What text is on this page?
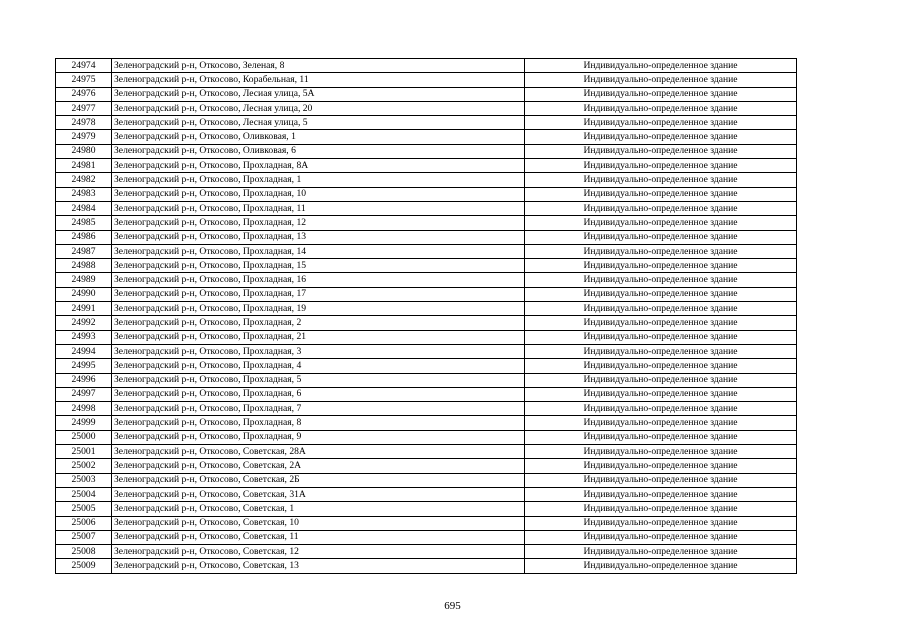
24974	Зеленоградский р-н, Откосово, Зеленая, 8	Индивидуально-определенное здание
24975	Зеленоградский р-н, Откосово, Корабельная, 11	Индивидуально-определенное здание
24976	Зеленоградский р-н, Откосово, Лесиая улица, 5А	Индивидуально-определенное здание
24977	Зеленоградский р-н, Откосово, Лесная улица, 20	Индивидуально-определенное здание
24978	Зеленоградский р-н, Откосово, Лесная улица, 5	Индивидуально-определенное здание
24979	Зеленоградский р-н, Откосово, Оливковая, 1	Индивидуально-определенное здание
24980	Зеленоградский р-н, Откосово, Оливковая, 6	Индивидуально-определенное здание
24981	Зеленоградский р-н, Откосово, Прохладная, 8А	Индивидуально-определенное здание
24982	Зеленоградский р-н, Откосово, Прохладная, 1	Индивидуально-определенное здание
24983	Зеленоградский р-н, Откосово, Прохладная, 10	Индивидуально-определенное здание
24984	Зеленоградский р-н, Откосово, Прохладная, 11	Индивидуально-определенное здание
24985	Зеленоградский р-н, Откосово, Прохладная, 12	Индивидуально-определенное здание
24986	Зеленоградский р-н, Откосово, Прохладная, 13	Индивидуально-определенное здание
24987	Зеленоградский р-н, Откосово, Прохладная, 14	Индивидуально-определенное здание
24988	Зеленоградский р-н, Откосово, Прохладная, 15	Индивидуально-определенное здание
24989	Зеленоградский р-н, Откосово, Прохладная, 16	Индивидуально-определенное здание
24990	Зеленоградский р-н, Откосово, Прохладная, 17	Индивидуально-определенное здание
24991	Зеленоградский р-н, Откосово, Прохладная, 19	Индивидуально-определенное здание
24992	Зеленоградский р-н, Откосово, Прохладная, 2	Индивидуально-определенное здание
24993	Зеленоградский р-н, Откосово, Прохладная, 21	Индивидуально-определенное здание
24994	Зеленоградский р-н, Откосово, Прохладная, 3	Индивидуально-определенное здание
24995	Зеленоградский р-н, Откосово, Прохладная, 4	Индивидуально-определенное здание
24996	Зеленоградский р-н, Откосово, Прохладная, 5	Индивидуально-определенное здание
24997	Зеленоградский р-н, Откосово, Прохладная, 6	Индивидуально-определенное здание
24998	Зеленоградский р-н, Откосово, Прохладная, 7	Индивидуально-определенное здание
24999	Зеленоградский р-н, Откосово, Прохладная, 8	Индивидуально-определенное здание
25000	Зеленоградский р-н, Откосово, Прохладная, 9	Индивидуально-определенное здание
25001	Зеленоградский р-н, Откосово, Советская, 28А	Индивидуально-определенное здание
25002	Зеленоградский р-н, Откосово, Советская, 2А	Индивидуально-определенное здание
25003	Зеленоградский р-н, Откосово, Советская, 2Б	Индивидуально-определенное здание
25004	Зеленоградский р-н, Откосово, Советская, 31А	Индивидуально-определенное здание
25005	Зеленоградский р-н, Откосово, Советская, 1	Индивидуально-определенное здание
25006	Зеленоградский р-н, Откосово, Советская, 10	Индивидуально-определенное здание
25007	Зеленоградский р-н, Откосово, Советская, 11	Индивидуально-определенное здание
25008	Зеленоградский р-н, Откосово, Советская, 12	Индивидуально-определенное здание
25009	Зеленоградский р-н, Откосово, Советская, 13	Индивидуально-определенное здание
695
